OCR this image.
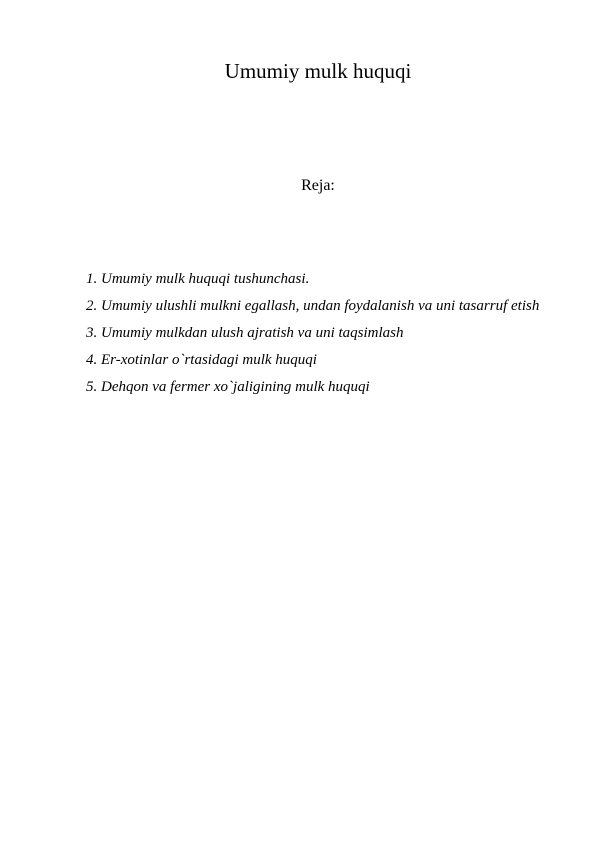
Umumiy mulk huquqi
Reja:
1. Umumiy mulk huquqi tushunchasi.
2. Umumiy ulushli mulkni egallash, undan foydalanish va uni tasarruf etish
3. Umumiy mulkdan ulush ajratish va uni taqsimlash
4. Er-xotinlar o`rtasidagi mulk huquqi
5. Dehqon va fermer xo`jaligining mulk huquqi
